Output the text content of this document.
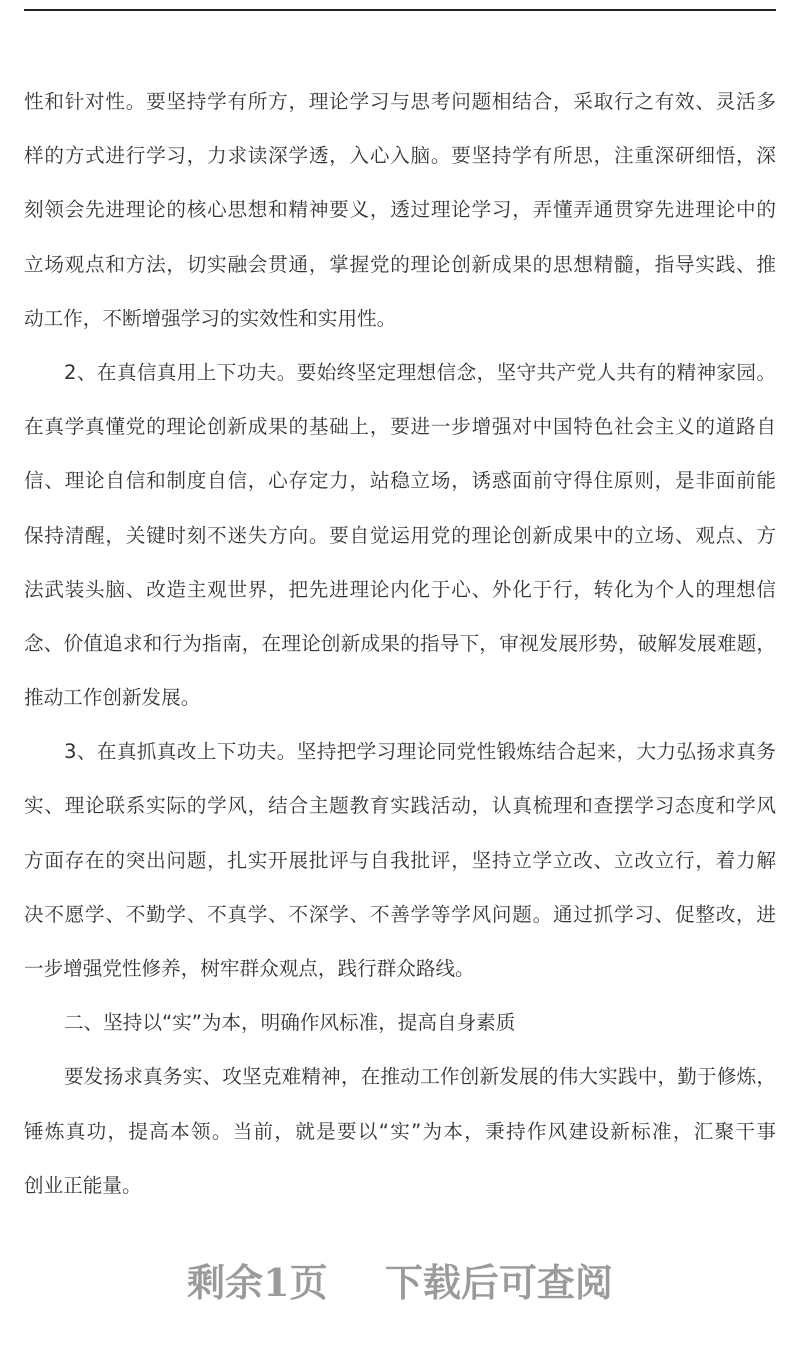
性和针对性。要坚持学有所方，理论学习与思考问题相结合，采取行之有效、灵活多
样的方式进行学习，力求读深学透，入心入脑。要坚持学有所思，注重深研细悟，深
刻领会先进理论的核心思想和精神要义，透过理论学习，弄懂弄通贯穿先进理论中的
立场观点和方法，切实融会贯通，掌握党的理论创新成果的思想精髓，指导实践、推
动工作，不断增强学习的实效性和实用性。
2、在真信真用上下功夫。要始终坚定理想信念，坚守共产党人共有的精神家园。
在真学真懂党的理论创新成果的基础上，要进一步增强对中国特色社会主义的道路自
信、理论自信和制度自信，心存定力，站稳立场，诱惑面前守得住原则，是非面前能
保持清醒，关键时刻不迷失方向。要自觉运用党的理论创新成果中的立场、观点、方
法武装头脑、改造主观世界，把先进理论内化于心、外化于行，转化为个人的理想信
念、价值追求和行为指南，在理论创新成果的指导下，审视发展形势，破解发展难题，
推动工作创新发展。
3、在真抓真改上下功夫。坚持把学习理论同党性锻炼结合起来，大力弘扬求真务
实、理论联系实际的学风，结合主题教育实践活动，认真梳理和查摆学习态度和学风
方面存在的突出问题，扎实开展批评与自我批评，坚持立学立改、立改立行，着力解
决不愿学、不勤学、不真学、不深学、不善学等学风问题。通过抓学习、促整改，进
一步增强党性修养，树牢群众观点，践行群众路线。
二、坚持以“实”为本，明确作风标准，提高自身素质
要发扬求真务实、攻坚克难精神，在推动工作创新发展的伟大实践中，勤于修炼，
锤炼真功，提高本领。当前，就是要以“实”为本，秉持作风建设新标准，汇聚干事
创业正能量。
剩余1页 下载后可查阅
